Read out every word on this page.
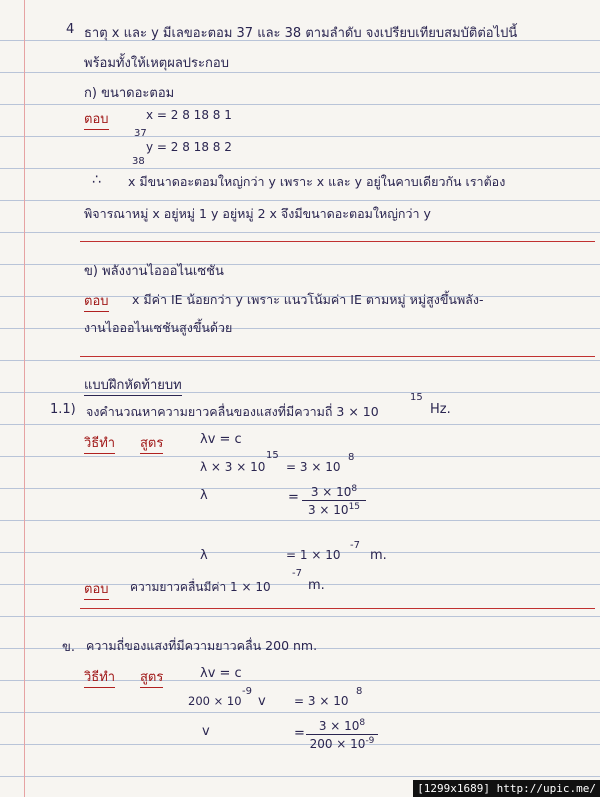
4 ธาตุ x และ y มีเลขอะตอม 37 และ 38 ตามลำดับ จงเปรียบเทียบสมบัติต่อไปนี้
พร้อมทั้งให้เหตุผลประกอบ
ก) ขนาดอะตอม
ตอบ	x = 2 8 18 8 1
37
y = 2 8 18 8 2
38
∴ x มีขนาดอะตอมใหญ่กว่า y เพราะ x และ y อยู่ในคาบเดียวกัน เราต้อง
พิจารณาหมู่ x อยู่หมู่ 1 y อยู่หมู่ 2 x จึงมีขนาดอะตอมใหญ่กว่า y
ข) พลังงานไอออไนเซชัน
ตอบ x มีค่า IE น้อยกว่า y เพราะ แนวโน้มค่า IE ตามหมู่ หมู่สูงขึ้นพลัง-
งานไอออไนเซชันสูงขึ้นด้วย
แบบฝึกหัดท้ายบท
1.1) จงคำนวณหาความยาวคลื่นของแสงที่มีความถี่ 3 × 10
15
Hz.
วิธีทำ สูตร	λv = c
λ × 3 × 10
15
= 3 × 10
8
λ	= $3 \times 10^8$
$3 \times 10^{15}$
λ	= 1 × 10
-7
m.
ตอบ ความยาวคลื่นมีค่า 1 × 10
-7
m.
ข. ความถี่ของแสงที่มีความยาวคลื่น 200 nm.
วิธีทำ สูตร	λv = c
200 × 10
-9
v = 3 × 10
8
v	=	$3 \times 10^8$
$200 \times 10^{-9}$
[1299x1689] http://upic.me/
